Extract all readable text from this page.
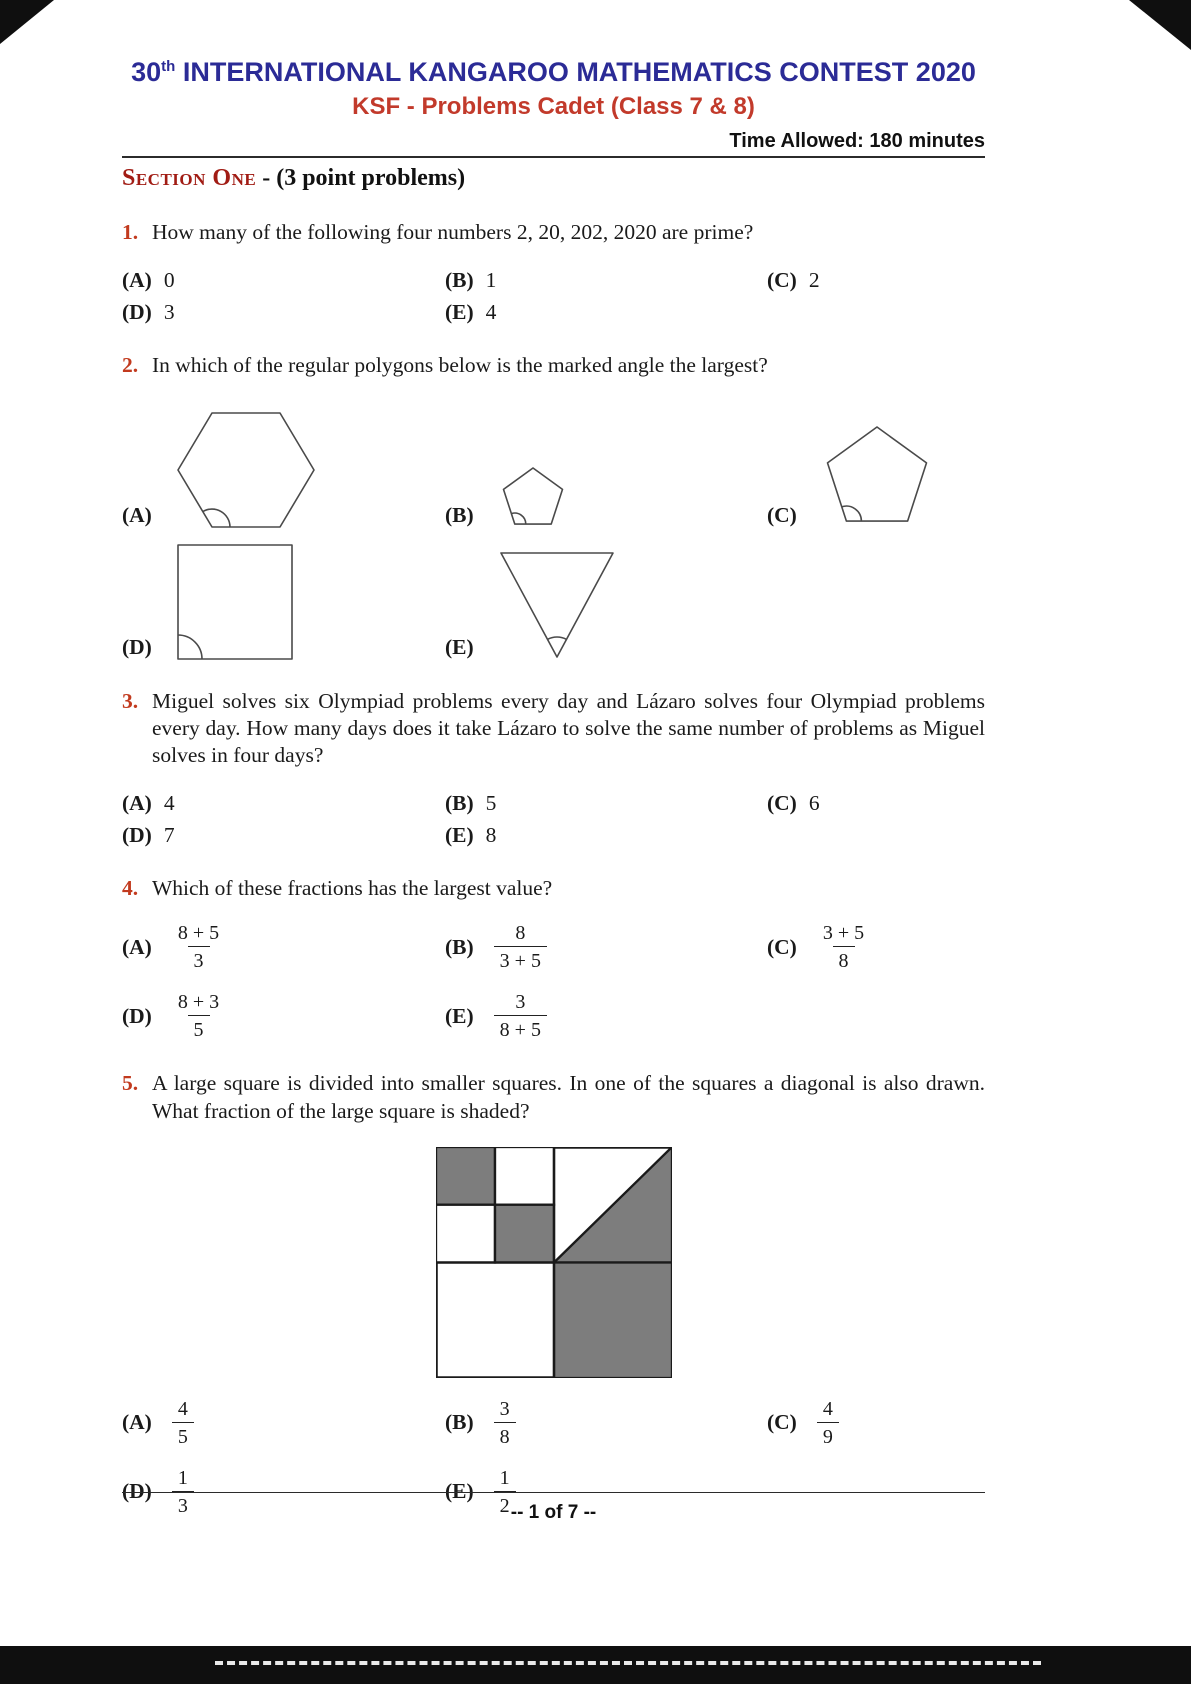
30th INTERNATIONAL KANGAROO MATHEMATICS CONTEST 2020
KSF - Problems Cadet (Class 7 & 8)
Time Allowed: 180 minutes
Section One - (3 point problems)
1. How many of the following four numbers 2, 20, 202, 2020 are prime?
(A) 0	(B) 1	(C) 2
(D) 3	(E) 4
2. In which of the regular polygons below is the marked angle the largest?
(A)	(B)	(C)
(D)	(E)
3. Miguel solves six Olympiad problems every day and Lázaro solves four Olympiad problems every day. How many days does it take Lázaro to solve the same number of problems as Miguel solves in four days?
(A) 4	(B) 5	(C) 6
(D) 7	(E) 8
4. Which of these fractions has the largest value?
$(A) \frac{8 + 5}{3}$	$(B) \frac{8}{3 + 5}$	$(C) \frac{3 + 5}{8}$
$(D) \frac{8 + 3}{5}$	$(E) \frac{3}{8 + 5}$
5. A large square is divided into smaller squares. In one of the squares a diagonal is also drawn. What fraction of the large square is shaded?
$(A) \frac{4}{5}$	$(B) \frac{3}{8}$	$(C) \frac{4}{9}$
$(D) \frac{1}{3}$	$(E) \frac{1}{2}$
-- 1 of 7 --
